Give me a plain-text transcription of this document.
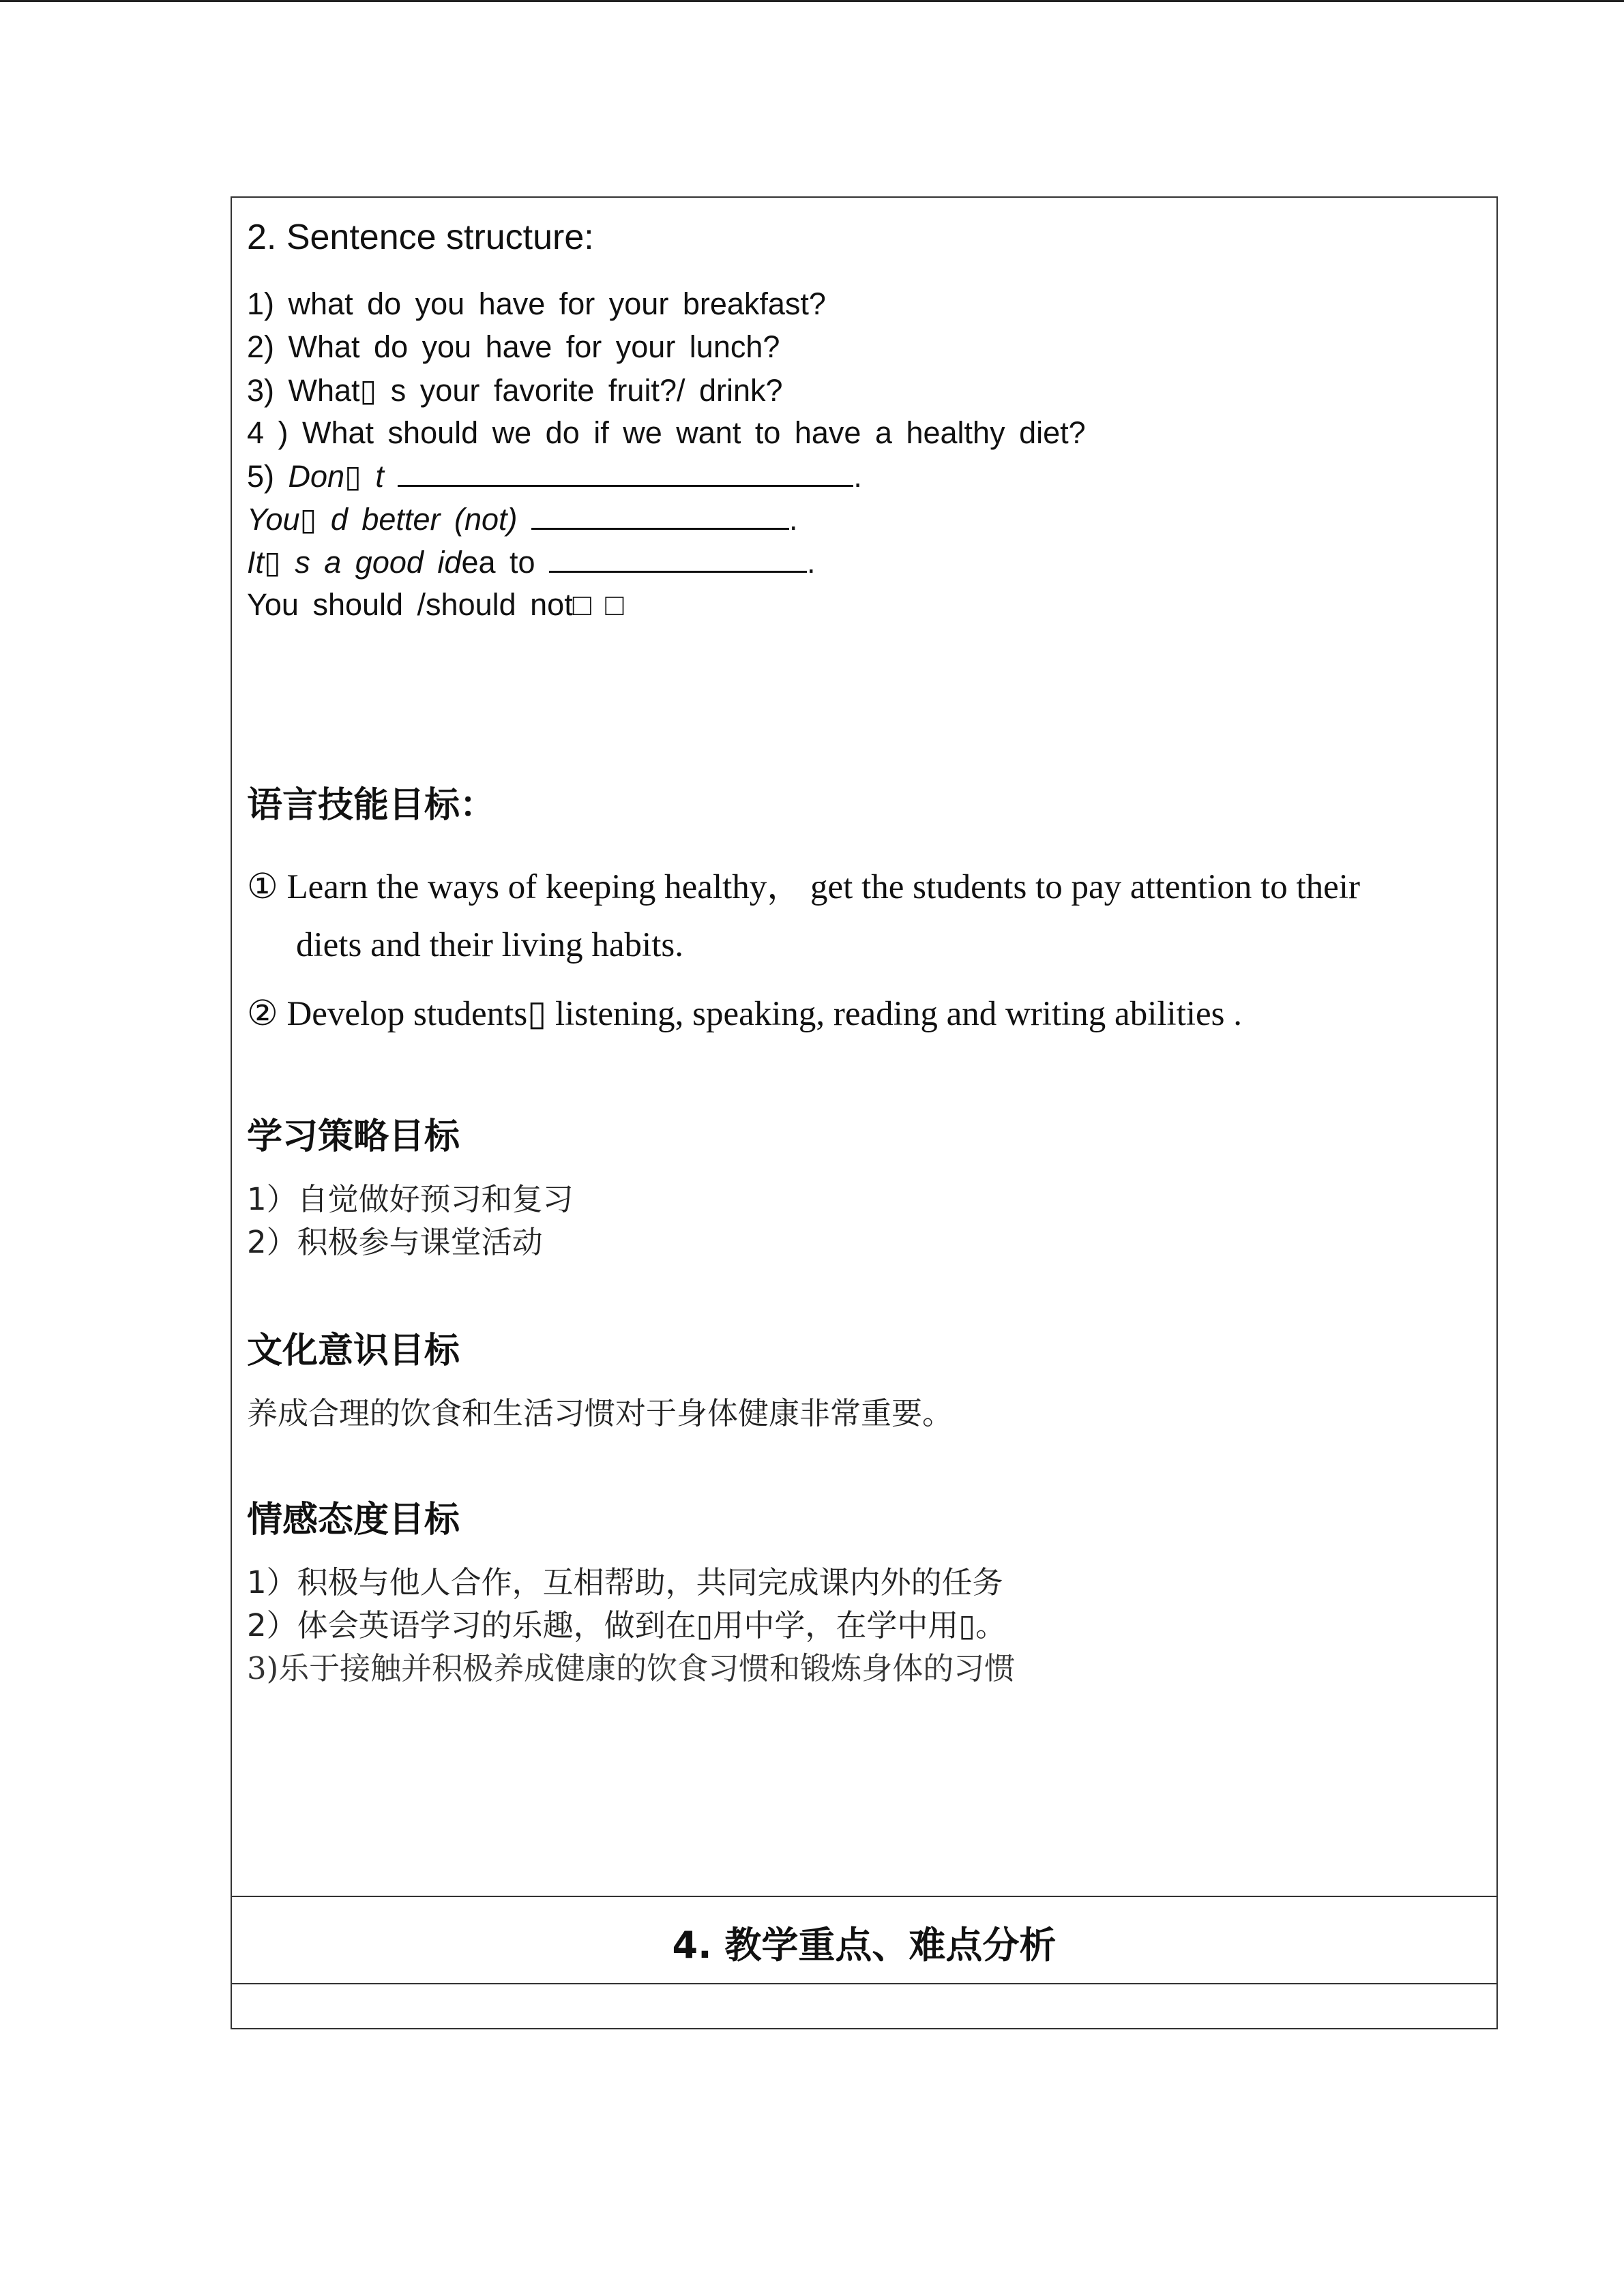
2. Sentence structure:
1) what do you have for your breakfast?
2) What do you have for your lunch?
3) What▯ s your favorite fruit?/ drink?
4 ) What should we do if we want to have a healthy diet?
5) Don▯ t	.
You▯ d better (not)	.
It▯ s a good idea to	.
You should /should not□ □
语言技能目标：
① Learn the ways of keeping healthy， get the students to pay attention to their
diets and their living habits.
② Develop students▯ listening, speaking, reading and writing abilities .
学习策略目标
1）自觉做好预习和复习
2）积极参与课堂活动
文化意识目标
养成合理的饮食和生活习惯对于身体健康非常重要。
情感态度目标
1）积极与他人合作，互相帮助，共同完成课内外的任务
2）体会英语学习的乐趣，做到在▯用中学，在学中用▯。
3)乐于接触并积极养成健康的饮食习惯和锻炼身体的习惯
4. 教学重点、难点分析
